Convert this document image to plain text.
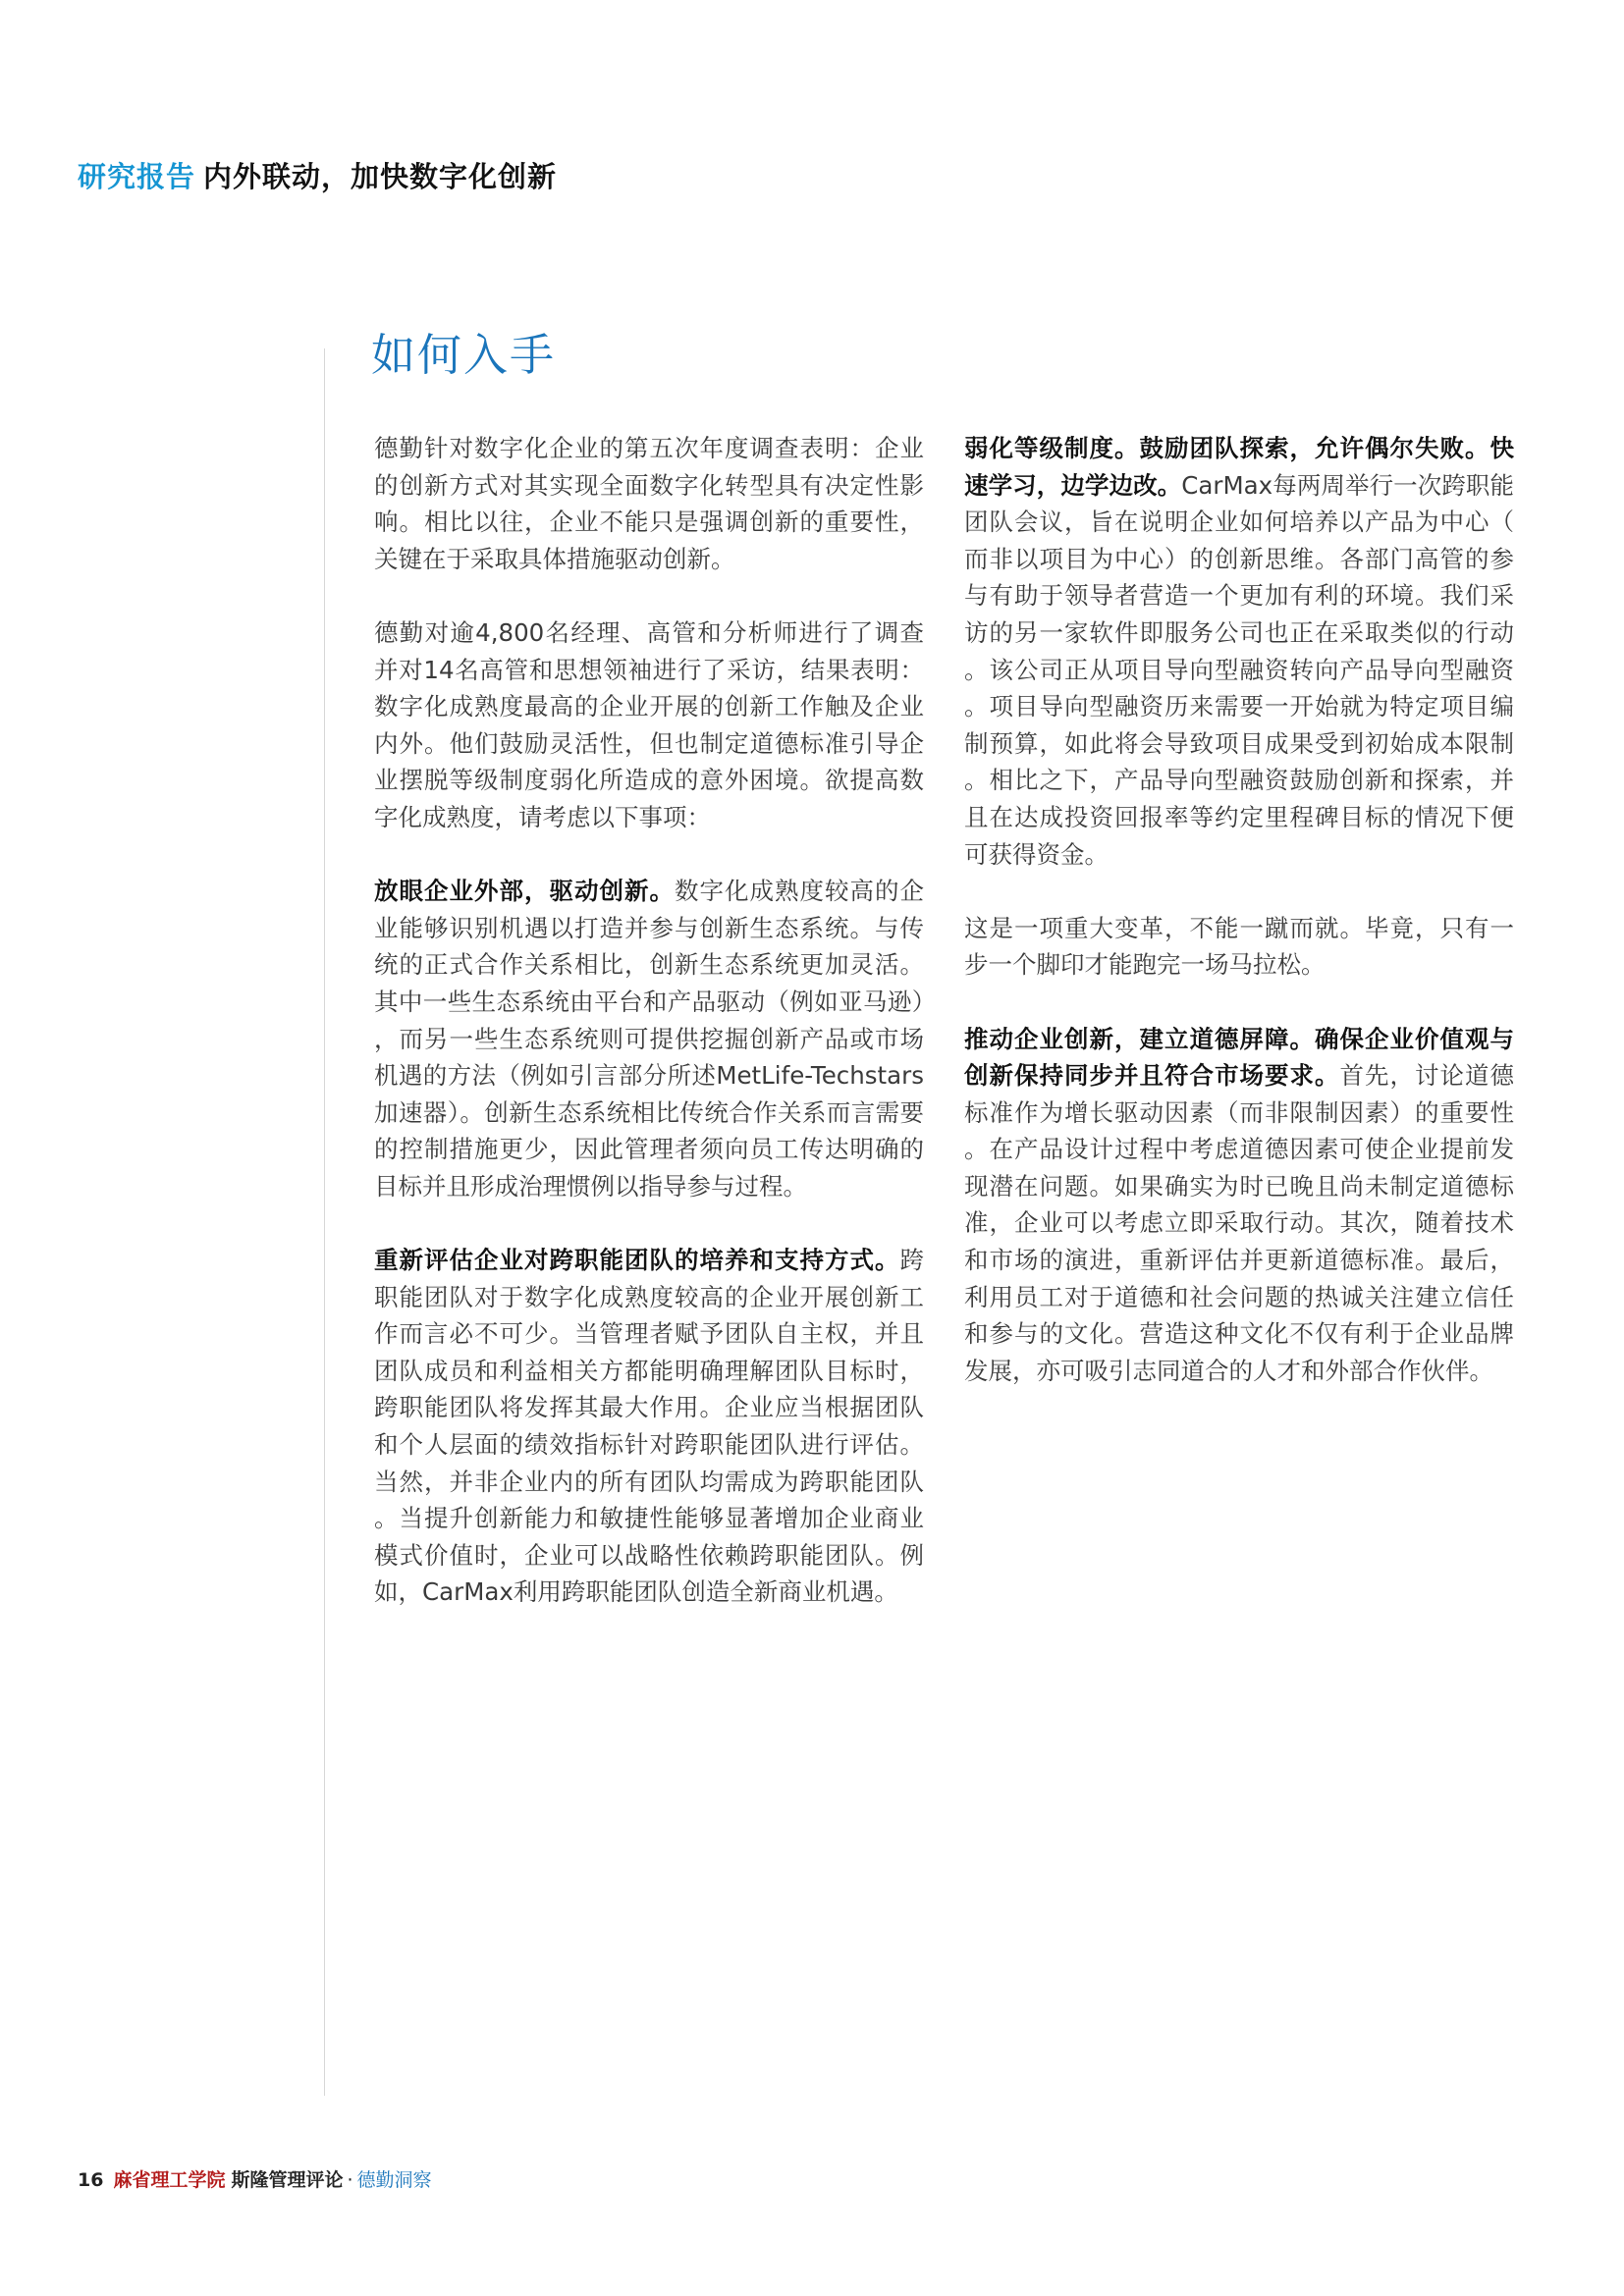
研究报告 内外联动，加快数字化创新
如何入手

德勤针对数字化企业的第五次年度调查表明：企业的创新方式对其实现全面数字化转型具有决定性影响。相比以往，企业不能只是强调创新的重要性，关键在于采取具体措施驱动创新。

德勤对逾4,800名经理、高管和分析师进行了调查并对14名高管和思想领袖进行了采访，结果表明：数字化成熟度最高的企业开展的创新工作触及企业内外。他们鼓励灵活性，但也制定道德标准引导企业摆脱等级制度弱化所造成的意外困境。欲提高数字化成熟度，请考虑以下事项：

放眼企业外部，驱动创新。数字化成熟度较高的企业能够识别机遇以打造并参与创新生态系统。与传统的正式合作关系相比，创新生态系统更加灵活。其中一些生态系统由平台和产品驱动（例如亚马逊），而另一些生态系统则可提供挖掘创新产品或市场机遇的方法（例如引言部分所述MetLife-Techstars加速器）。创新生态系统相比传统合作关系而言需要的控制措施更少，因此管理者须向员工传达明确的目标并且形成治理惯例以指导参与过程。

重新评估企业对跨职能团队的培养和支持方式。跨职能团队对于数字化成熟度较高的企业开展创新工作而言必不可少。当管理者赋予团队自主权，并且团队成员和利益相关方都能明确理解团队目标时，跨职能团队将发挥其最大作用。企业应当根据团队和个人层面的绩效指标针对跨职能团队进行评估。当然，并非企业内的所有团队均需成为跨职能团队。当提升创新能力和敏捷性能够显著增加企业商业模式价值时，企业可以战略性依赖跨职能团队。例如，CarMax利用跨职能团队创造全新商业机遇。

弱化等级制度。鼓励团队探索，允许偶尔失败。快速学习，边学边改。CarMax每两周举行一次跨职能团队会议，旨在说明企业如何培养以产品为中心（而非以项目为中心）的创新思维。各部门高管的参与有助于领导者营造一个更加有利的环境。我们采访的另一家软件即服务公司也正在采取类似的行动。该公司正从项目导向型融资转向产品导向型融资。项目导向型融资历来需要一开始就为特定项目编制预算，如此将会导致项目成果受到初始成本限制。相比之下，产品导向型融资鼓励创新和探索，并且在达成投资回报率等约定里程碑目标的情况下便可获得资金。

这是一项重大变革，不能一蹴而就。毕竟，只有一步一个脚印才能跑完一场马拉松。

推动企业创新，建立道德屏障。确保企业价值观与创新保持同步并且符合市场要求。首先，讨论道德标准作为增长驱动因素（而非限制因素）的重要性。在产品设计过程中考虑道德因素可使企业提前发现潜在问题。如果确实为时已晚且尚未制定道德标准，企业可以考虑立即采取行动。其次，随着技术和市场的演进，重新评估并更新道德标准。最后，利用员工对于道德和社会问题的热诚关注建立信任和参与的文化。营造这种文化不仅有利于企业品牌发展，亦可吸引志同道合的人才和外部合作伙伴。

16 麻省理工学院 斯隆管理评论 · 德勤洞察
